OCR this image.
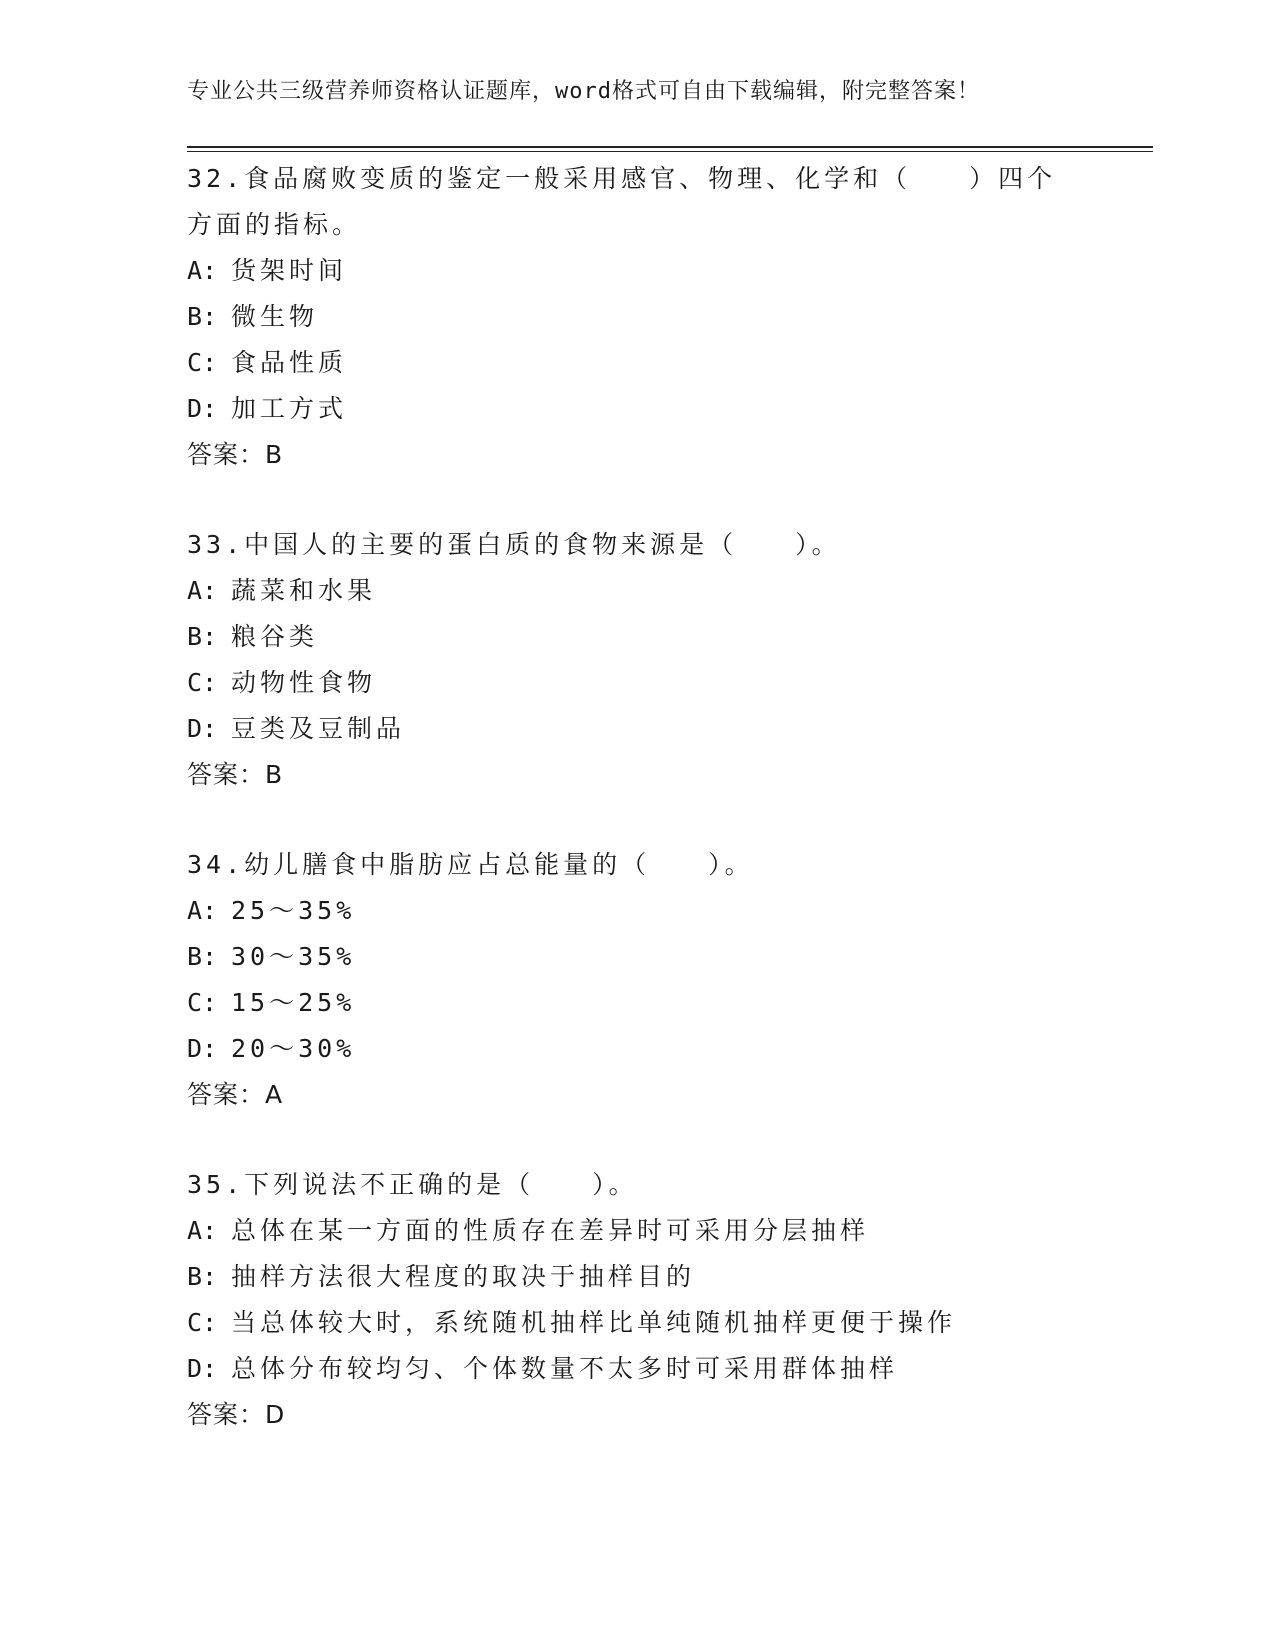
专业公共三级营养师资格认证题库，word格式可自由下载编辑，附完整答案！
32.食品腐败变质的鉴定一般采用感官、物理、化学和（　　）四个方面的指标。
A: 货架时间
B: 微生物
C: 食品性质
D: 加工方式
答案：B
33.中国人的主要的蛋白质的食物来源是（　　）。
A: 蔬菜和水果
B: 粮谷类
C: 动物性食物
D: 豆类及豆制品
答案：B
34.幼儿膳食中脂肪应占总能量的（　　）。
A: 25～35%
B: 30～35%
C: 15～25%
D: 20～30%
答案：A
35.下列说法不正确的是（　　）。
A: 总体在某一方面的性质存在差异时可采用分层抽样
B: 抽样方法很大程度的取决于抽样目的
C: 当总体较大时，系统随机抽样比单纯随机抽样更便于操作
D: 总体分布较均匀、个体数量不太多时可采用群体抽样
答案：D
